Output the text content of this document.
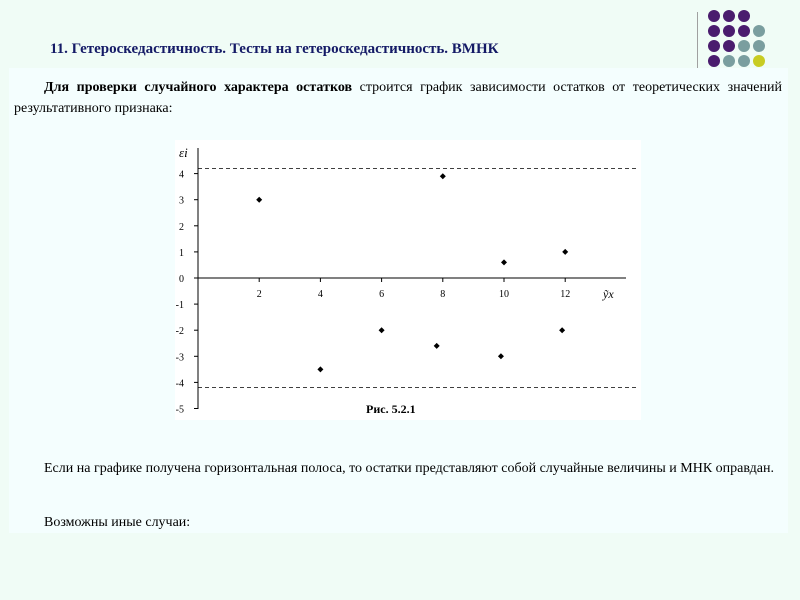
11. Гетероскедастичность. Тесты на гетероскедастичность. ВМНК

Для проверки случайного характера остатков строится график зависимости остатков от теоретических значений результативного признака:

Если на графике получена горизонтальная полоса, то остатки представляют собой случайные величины и МНК оправдан.

Возможны иные случаи:

4
3
2
1
0
-1
-2
-3
-4
-5
2	4	6	8	10	12
εi
ỹx
Рис. 5.2.1
